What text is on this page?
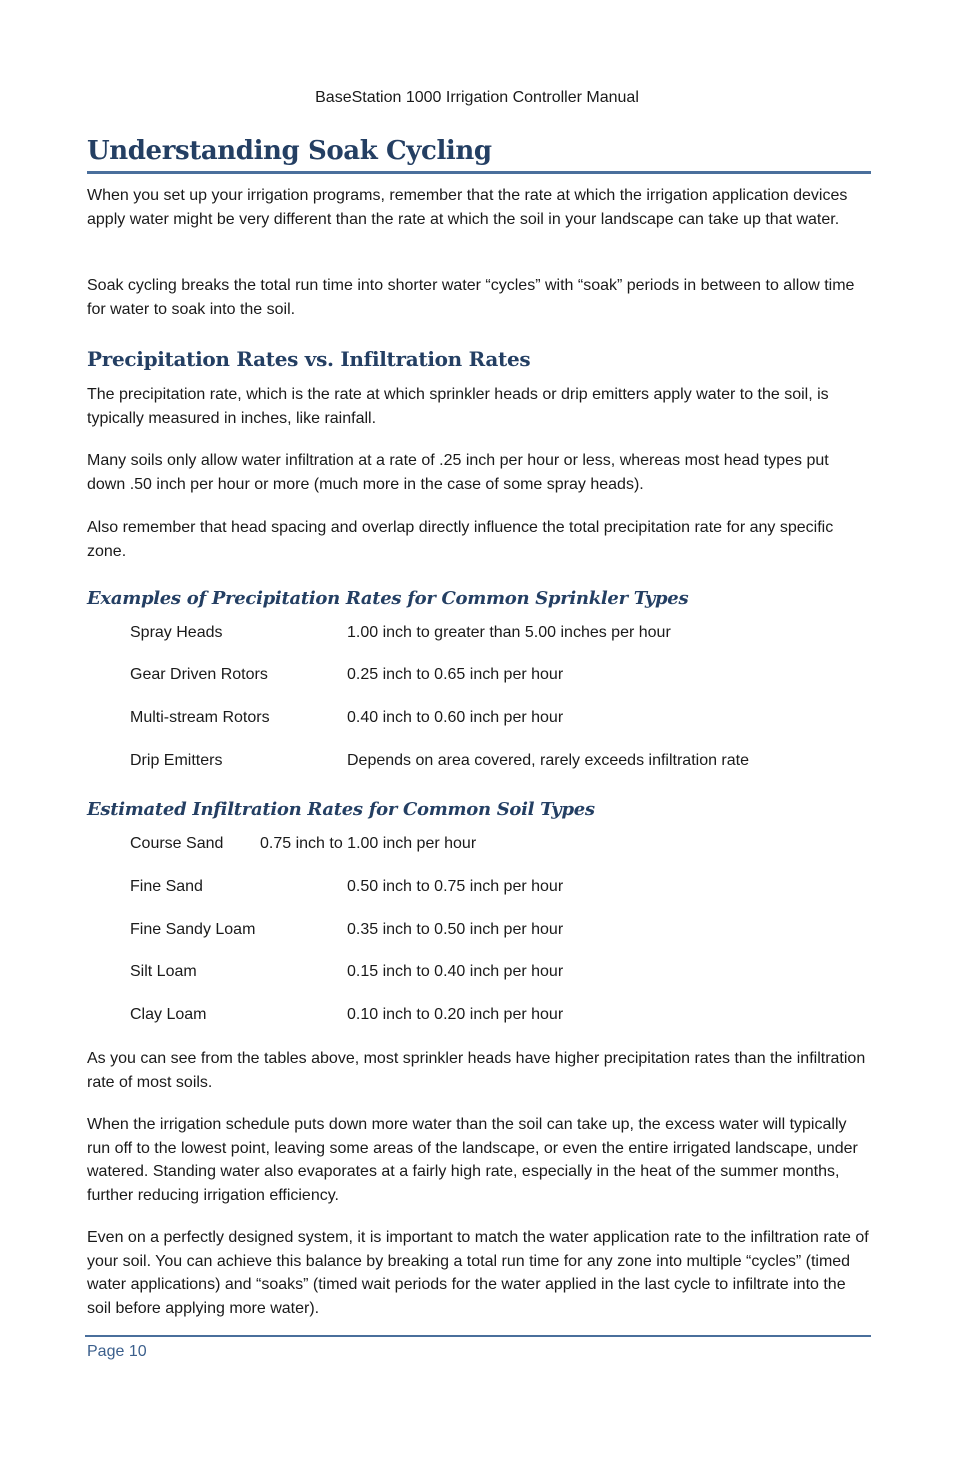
BaseStation 1000 Irrigation Controller Manual
Understanding Soak Cycling

When you set up your irrigation programs, remember that the rate at which the irrigation application devices apply water might be very different than the rate at which the soil in your landscape can take up that water.

Soak cycling breaks the total run time into shorter water “cycles” with “soak” periods in between to allow time for water to soak into the soil.

Precipitation Rates vs. Infiltration Rates

The precipitation rate, which is the rate at which sprinkler heads or drip emitters apply water to the soil, is typically measured in inches, like rainfall.

Many soils only allow water infiltration at a rate of .25 inch per hour or less, whereas most head types put down .50 inch per hour or more (much more in the case of some spray heads).

Also remember that head spacing and overlap directly influence the total precipitation rate for any specific zone.

Examples of Precipitation Rates for Common Sprinkler Types
Spray Heads	1.00 inch to greater than 5.00 inches per hour
Gear Driven Rotors	0.25 inch to 0.65 inch per hour
Multi-stream Rotors	0.40 inch to 0.60 inch per hour
Drip Emitters	Depends on area covered, rarely exceeds infiltration rate
Estimated Infiltration Rates for Common Soil Types
Course Sand 0.75 inch to 1.00 inch per hour
Fine Sand	0.50 inch to 0.75 inch per hour
Fine Sandy Loam	0.35 inch to 0.50 inch per hour
Silt Loam	0.15 inch to 0.40 inch per hour
Clay Loam	0.10 inch to 0.20 inch per hour

As you can see from the tables above, most sprinkler heads have higher precipitation rates than the infiltration rate of most soils.

When the irrigation schedule puts down more water than the soil can take up, the excess water will typically run off to the lowest point, leaving some areas of the landscape, or even the entire irrigated landscape, under watered. Standing water also evaporates at a fairly high rate, especially in the heat of the summer months, further reducing irrigation efficiency.

Even on a perfectly designed system, it is important to match the water application rate to the infiltration rate of your soil. You can achieve this balance by breaking a total run time for any zone into multiple “cycles” (timed water applications) and “soaks” (timed wait periods for the water applied in the last cycle to infiltrate into the soil before applying more water).

Page 10
